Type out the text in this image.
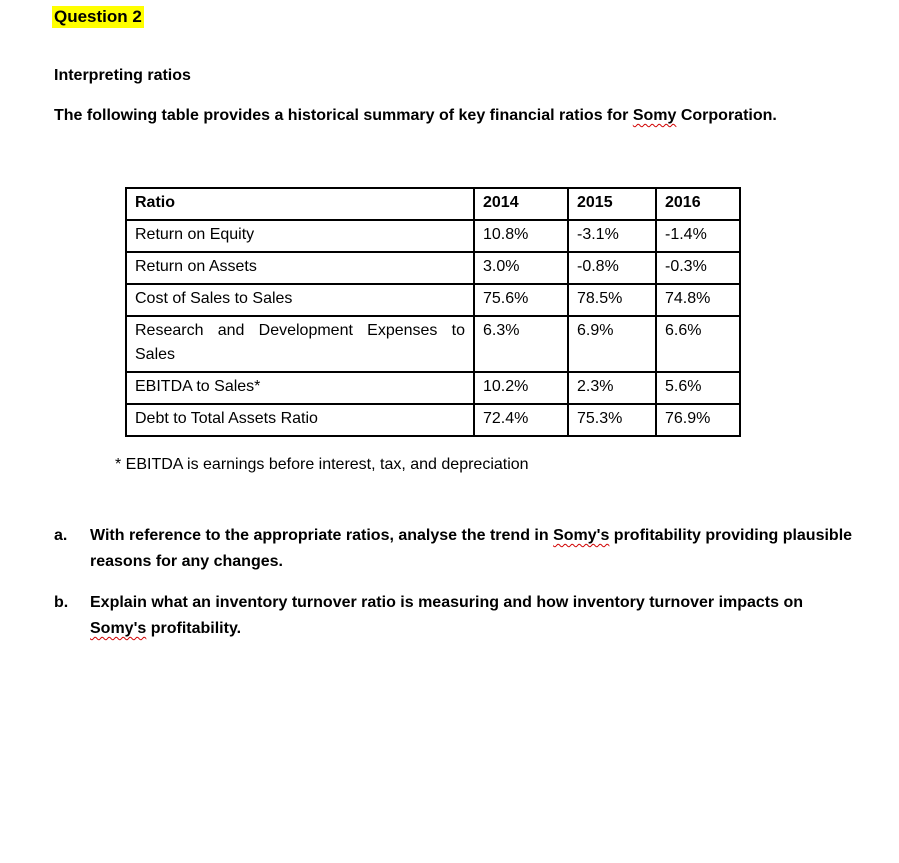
Question 2
Interpreting ratios
The following table provides a historical summary of key financial ratios for Somy Corporation.
Ratio	2014	2015	2016
Return on Equity	10.8%	-3.1%	-1.4%
Return on Assets	3.0%	-0.8%	-0.3%
Cost of Sales to Sales	75.6%	78.5%	74.8%
Research and Development Expenses to Sales	6.3%	6.9%	6.6%
EBITDA to Sales*	10.2%	2.3%	5.6%
Debt to Total Assets Ratio	72.4%	75.3%	76.9%
* EBITDA is earnings before interest, tax, and depreciation
a. With reference to the appropriate ratios, analyse the trend in Somy's profitability providing plausible reasons for any changes.
b. Explain what an inventory turnover ratio is measuring and how inventory turnover impacts on Somy's profitability.
